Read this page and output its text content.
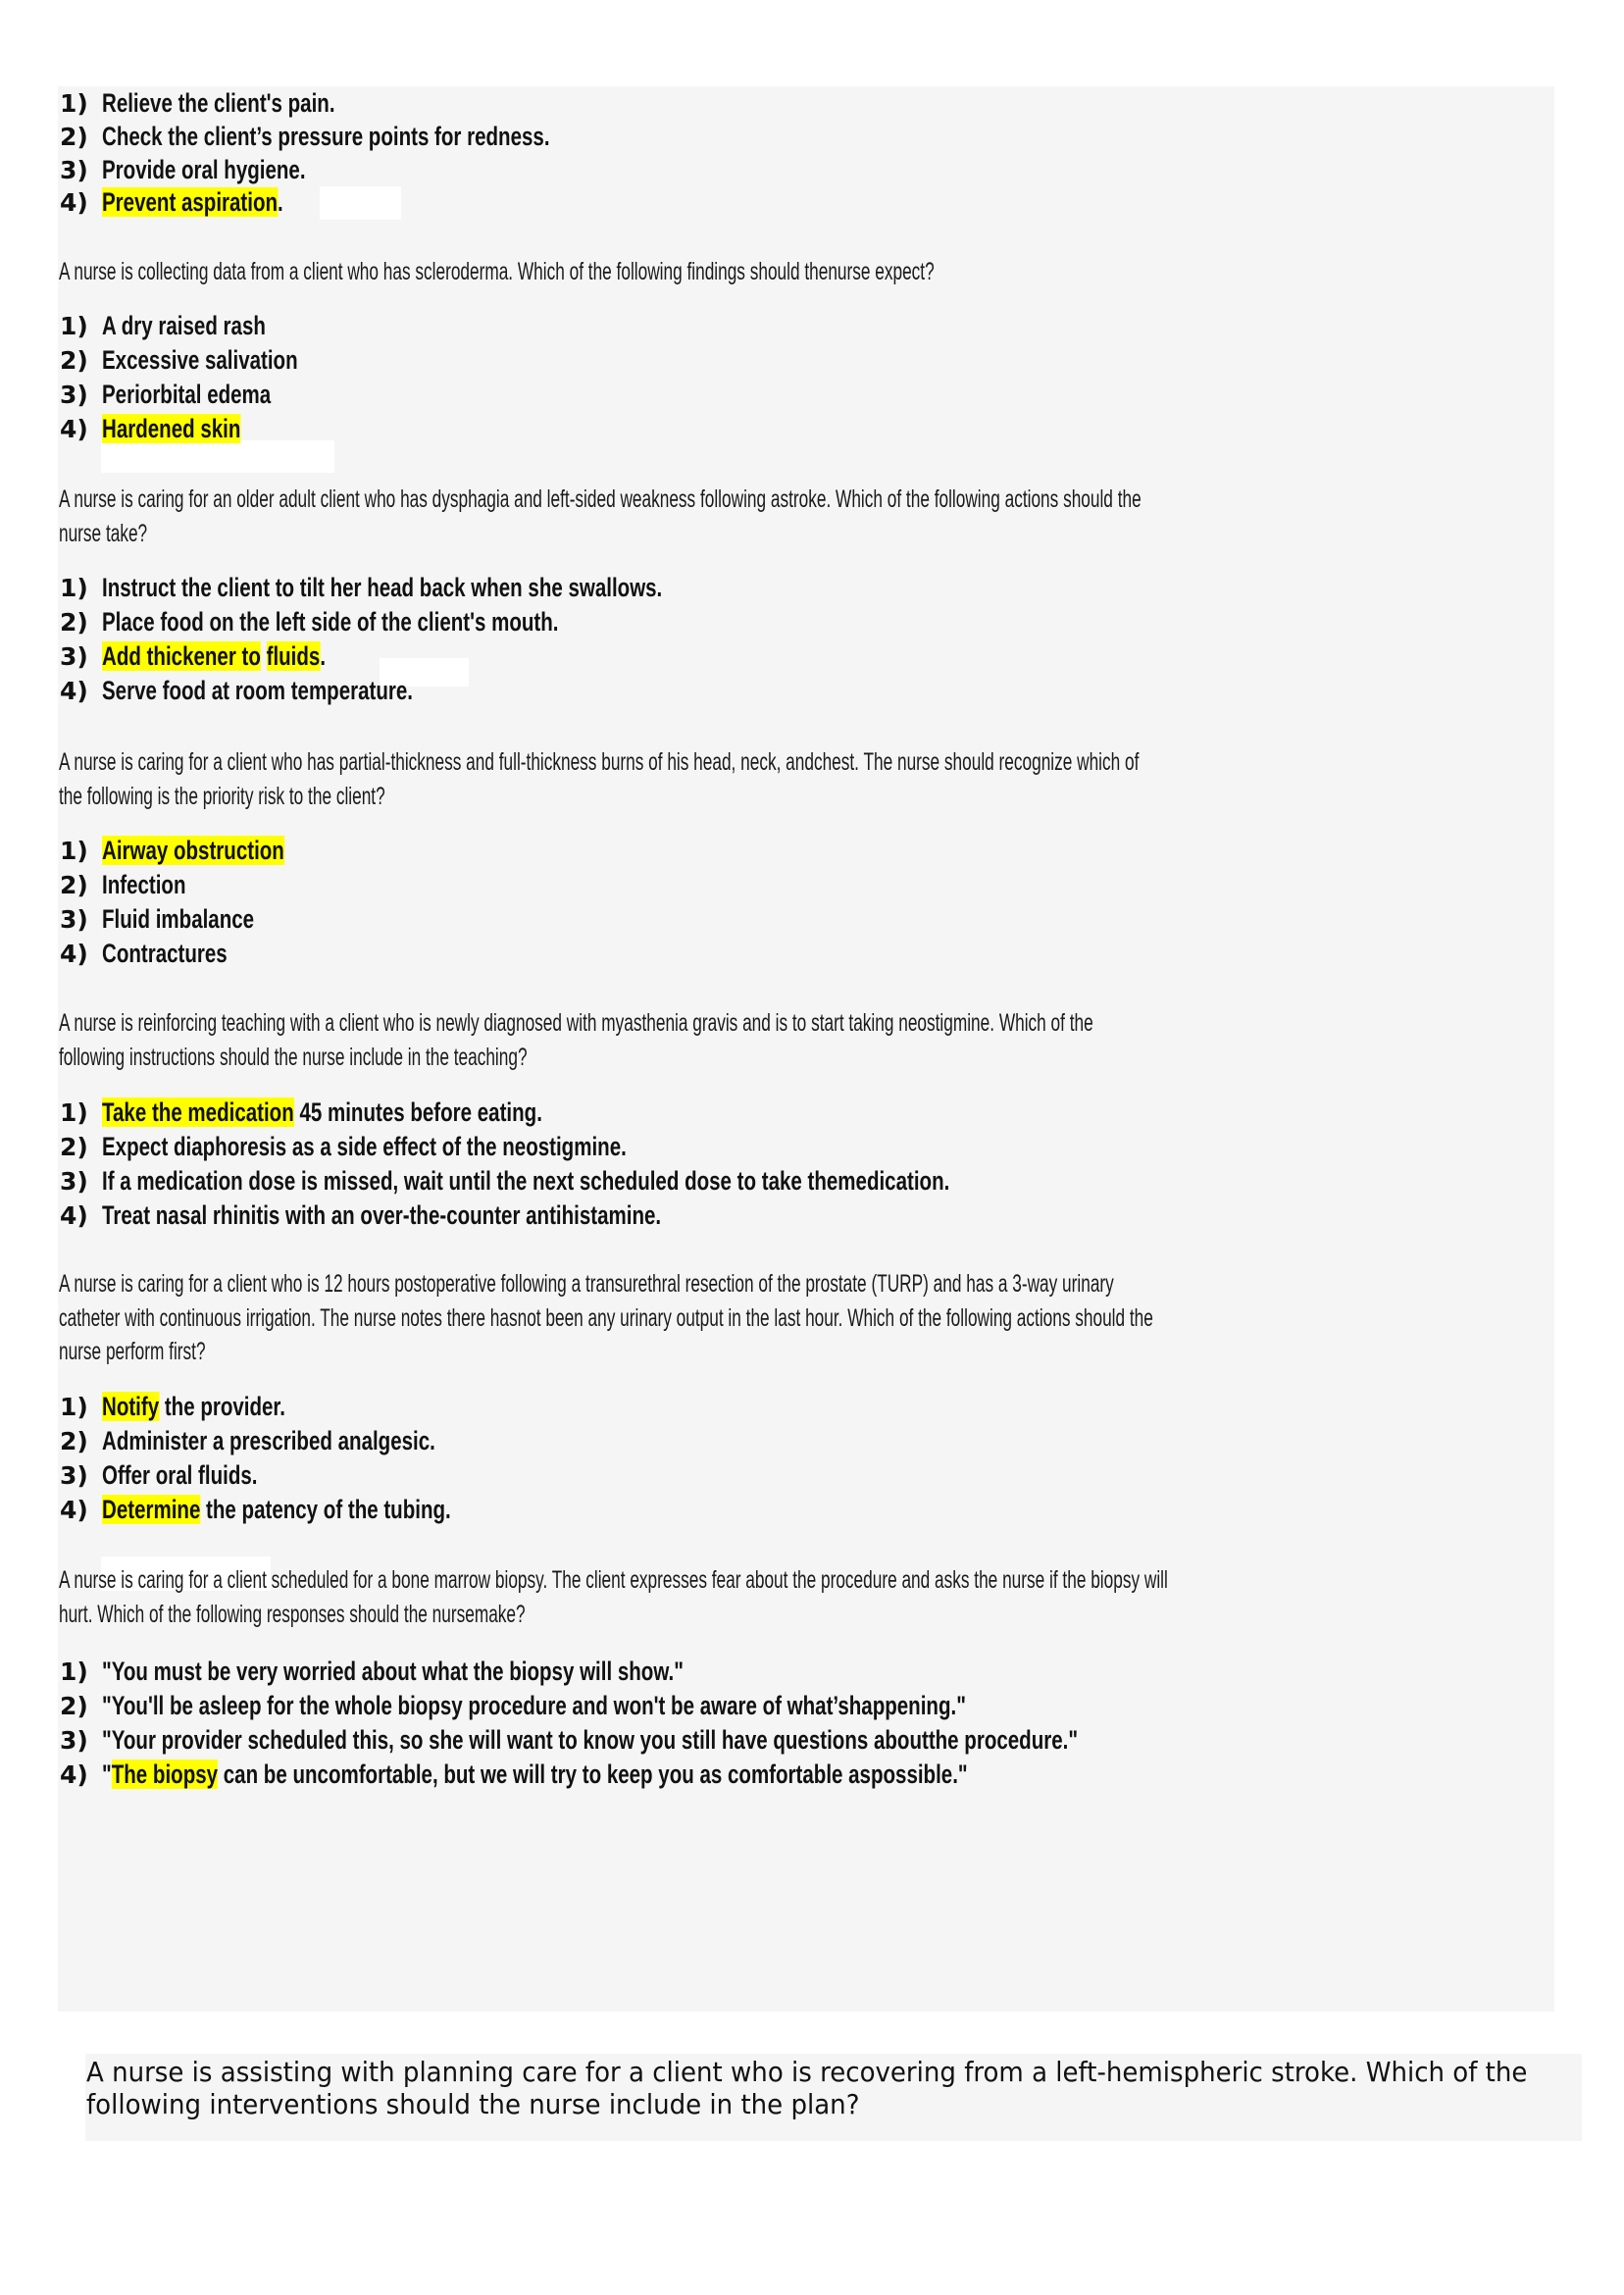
1) Relieve the client's pain.
2) Check the client’s pressure points for redness.
3) Provide oral hygiene.
4) Prevent aspiration.
A nurse is collecting data from a client who has scleroderma. Which of the following findings should thenurse expect?
1) A dry raised rash
2) Excessive salivation
3) Periorbital edema
4) Hardened skin
A nurse is caring for an older adult client who has dysphagia and left-sided weakness following astroke. Which of the following actions should the
nurse take?
1) Instruct the client to tilt her head back when she swallows.
2) Place food on the left side of the client's mouth.
3) Add thickener to fluids.
4) Serve food at room temperature.
A nurse is caring for a client who has partial-thickness and full-thickness burns of his head, neck, andchest. The nurse should recognize which of
the following is the priority risk to the client?
1) Airway obstruction
2) Infection
3) Fluid imbalance
4) Contractures
A nurse is reinforcing teaching with a client who is newly diagnosed with myasthenia gravis and is to start taking neostigmine. Which of the
following instructions should the nurse include in the teaching?
1) Take the medication 45 minutes before eating.
2) Expect diaphoresis as a side effect of the neostigmine.
3) If a medication dose is missed, wait until the next scheduled dose to take themedication.
4) Treat nasal rhinitis with an over-the-counter antihistamine.
A nurse is caring for a client who is 12 hours postoperative following a transurethral resection of the prostate (TURP) and has a 3-way urinary
catheter with continuous irrigation. The nurse notes there hasnot been any urinary output in the last hour. Which of the following actions should the
nurse perform first?
1) Notify the provider.
2) Administer a prescribed analgesic.
3) Offer oral fluids.
4) Determine the patency of the tubing.
A nurse is caring for a client scheduled for a bone marrow biopsy. The client expresses fear about the procedure and asks the nurse if the biopsy will
hurt. Which of the following responses should the nursemake?
1) "You must be very worried about what the biopsy will show."
2) "You'll be asleep for the whole biopsy procedure and won't be aware of what’shappening."
3) "Your provider scheduled this, so she will want to know you still have questions aboutthe procedure."
4) "The biopsy can be uncomfortable, but we will try to keep you as comfortable aspossible."
A nurse is assisting with planning care for a client who is recovering from a left-hemispheric stroke. Which of the
following interventions should the nurse include in the plan?
